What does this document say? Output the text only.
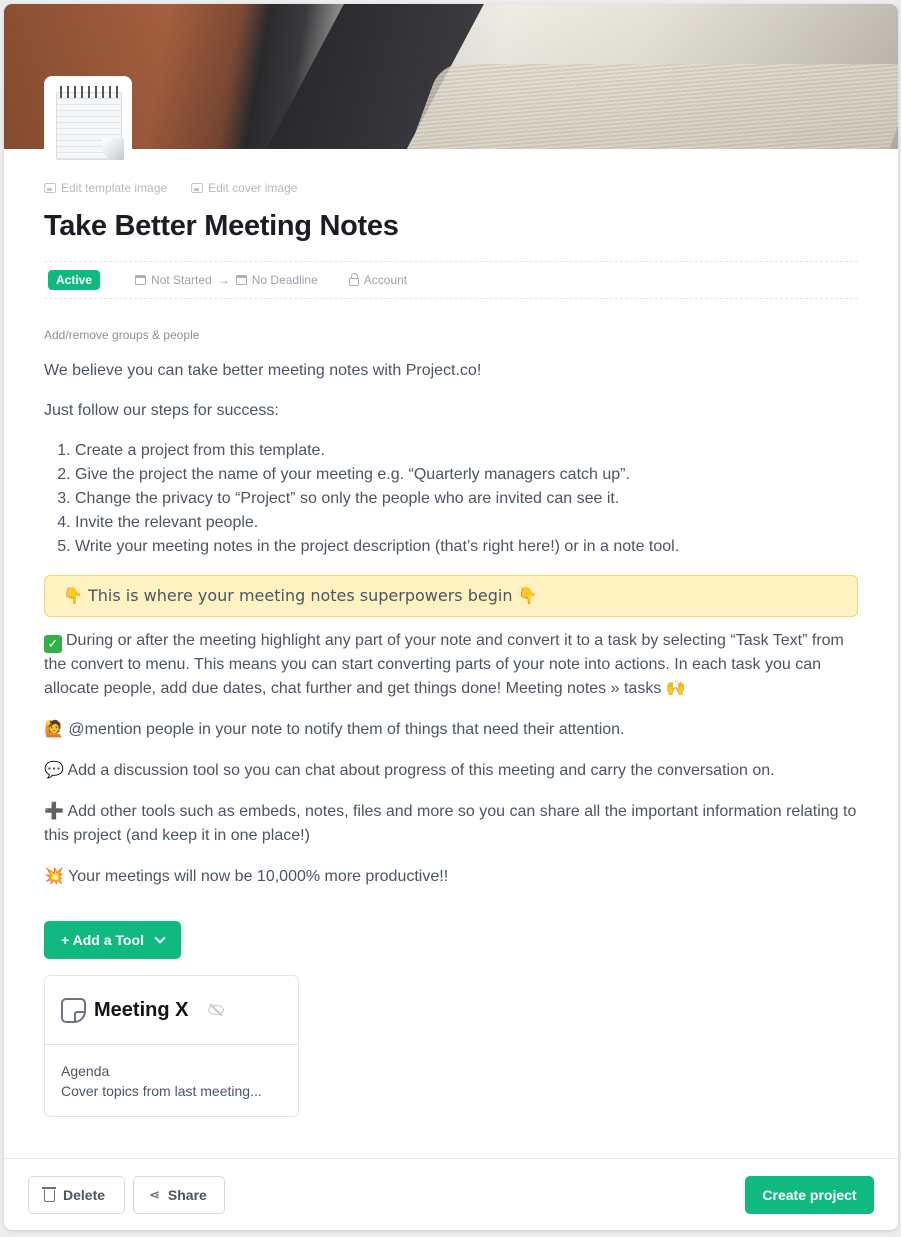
Edit template image	Edit cover image
Take Better Meeting Notes
Active	Not Started → No Deadline	Account
Add/remove groups & people

We believe you can take better meeting notes with Project.co!

Just follow our steps for success:

1. Create a project from this template.
2. Give the project the name of your meeting e.g. “Quarterly managers catch up”.
3. Change the privacy to “Project” so only the people who are invited can see it.
4. Invite the relevant people.
5. Write your meeting notes in the project description (that’s right here!) or in a note tool.
👇 This is where your meeting notes superpowers begin 👇

✓ During or after the meeting highlight any part of your note and convert it to a task by selecting “Task Text” from the convert to menu. This means you can start converting parts of your note into actions. In each task you can allocate people, add due dates, chat further and get things done! Meeting notes » tasks 🙌

🙋 @mention people in your note to notify them of things that need their attention.

💬 Add a discussion tool so you can chat about progress of this meeting and carry the conversation on.

➕ Add other tools such as embeds, notes, files and more so you can share all the important information relating to this project (and keep it in one place!)

💥 Your meetings will now be 10,000% more productive!!

+ Add a Tool
Meeting X
Agenda
Cover topics from last meeting...
Delete	⋖ Share	Create project
